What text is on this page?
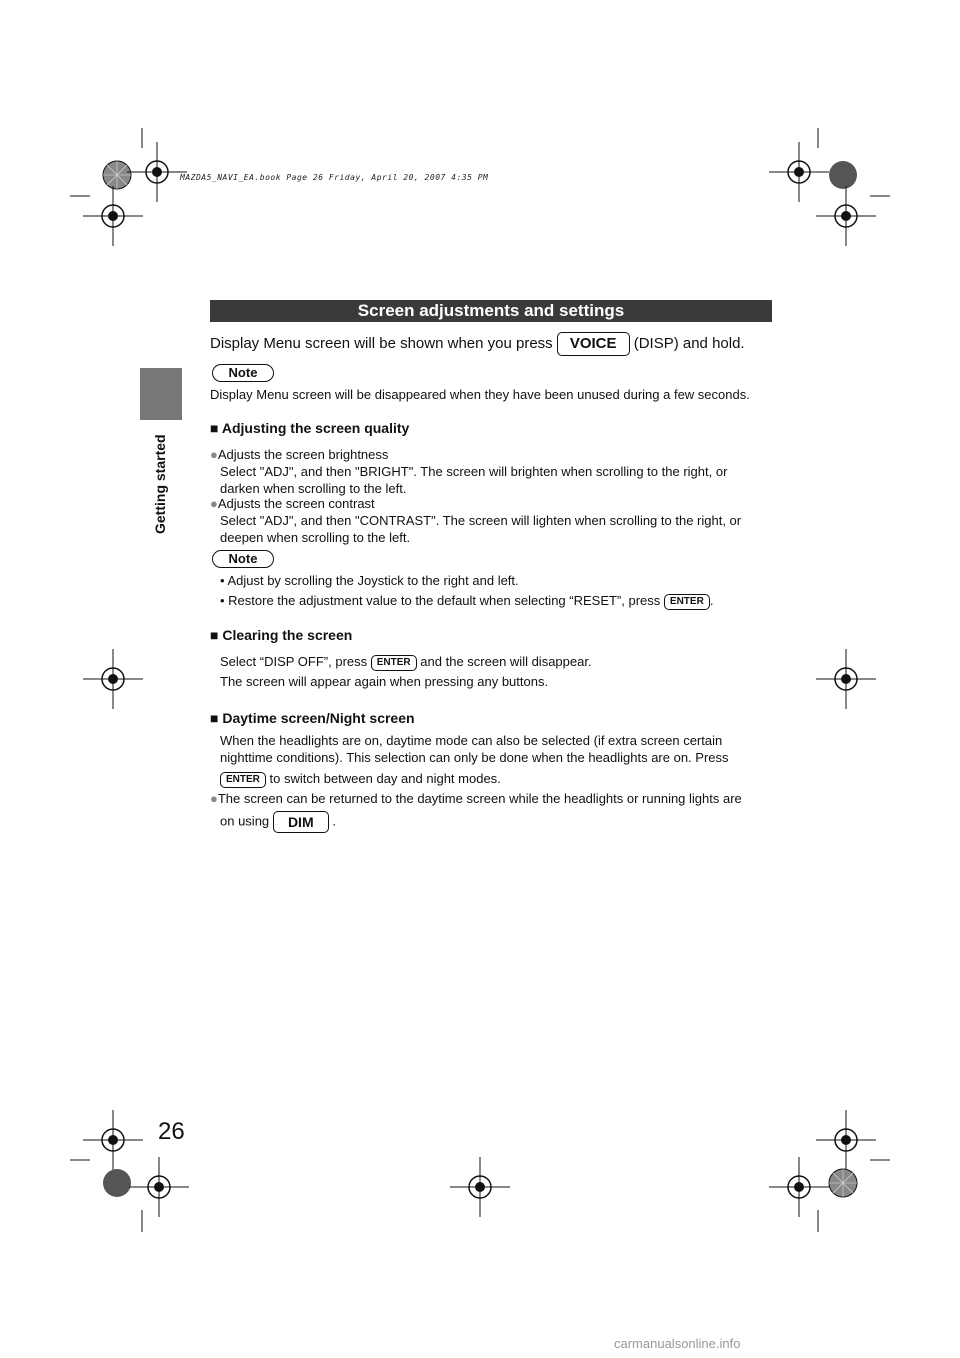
MAZDA5_NAVI_EA.book Page 26 Friday, April 20, 2007 4:35 PM
Getting started
Screen adjustments and settings
Display Menu screen will be shown when you press VOICE (DISP) and hold.
Note
Display Menu screen will be disappeared when they have been unused during a few seconds.
■ Adjusting the screen quality
●Adjusts the screen brightness
Select "ADJ", and then "BRIGHT". The screen will brighten when scrolling to the right, or
darken when scrolling to the left.
●Adjusts the screen contrast
Select "ADJ", and then "CONTRAST". The screen will lighten when scrolling to the right, or
deepen when scrolling to the left.
Note
• Adjust by scrolling the Joystick to the right and left.
• Restore the adjustment value to the default when selecting “RESET”, press ENTER .
■ Clearing the screen
Select “DISP OFF”, press ENTER and the screen will disappear.
The screen will appear again when pressing any buttons.
■ Daytime screen/Night screen
When the headlights are on, daytime mode can also be selected (if extra screen certain
nighttime conditions). This selection can only be done when the headlights are on. Press
ENTER to switch between day and night modes.
●The screen can be returned to the daytime screen while the headlights or running lights are
on using DIM .
26
carmanualsonline.info
